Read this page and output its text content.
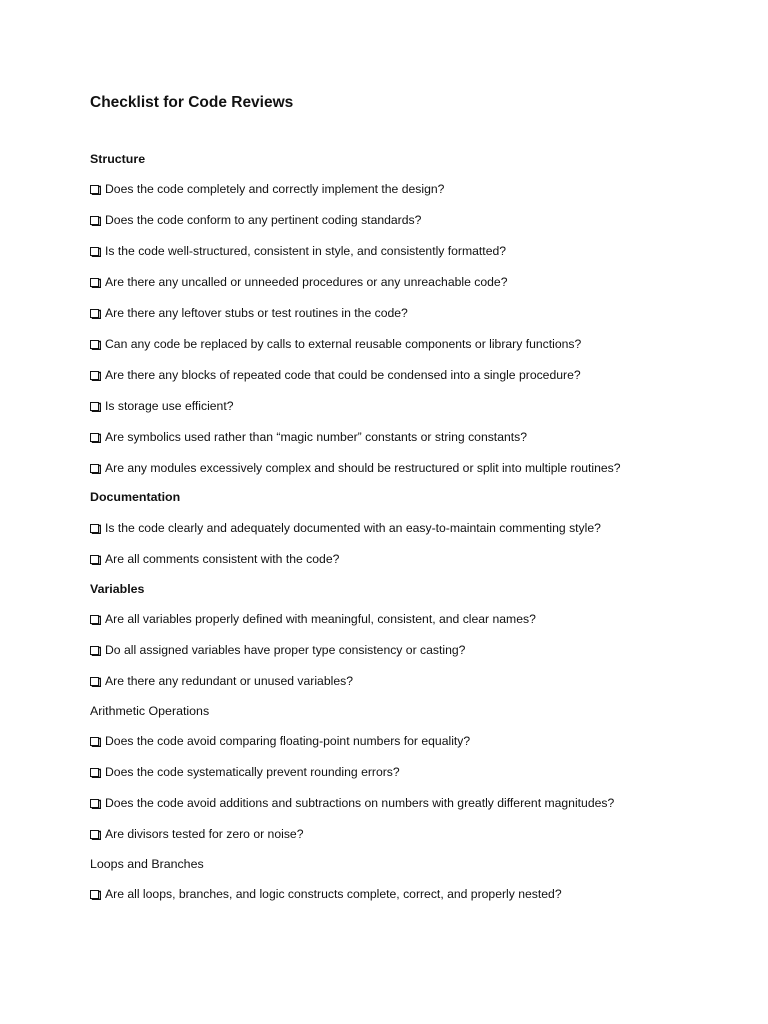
Checklist for Code Reviews
Structure
Does the code completely and correctly implement the design?
Does the code conform to any pertinent coding standards?
Is the code well-structured, consistent in style, and consistently formatted?
Are there any uncalled or unneeded procedures or any unreachable code?
Are there any leftover stubs or test routines in the code?
Can any code be replaced by calls to external reusable components or library functions?
Are there any blocks of repeated code that could be condensed into a single procedure?
Is storage use efficient?
Are symbolics used rather than “magic number” constants or string constants?
Are any modules excessively complex and should be restructured or split into multiple routines?
Documentation
Is the code clearly and adequately documented with an easy-to-maintain commenting style?
Are all comments consistent with the code?
Variables
Are all variables properly defined with meaningful, consistent, and clear names?
Do all assigned variables have proper type consistency or casting?
Are there any redundant or unused variables?
Arithmetic Operations
Does the code avoid comparing floating-point numbers for equality?
Does the code systematically prevent rounding errors?
Does the code avoid additions and subtractions on numbers with greatly different magnitudes?
Are divisors tested for zero or noise?
Loops and Branches
Are all loops, branches, and logic constructs complete, correct, and properly nested?
